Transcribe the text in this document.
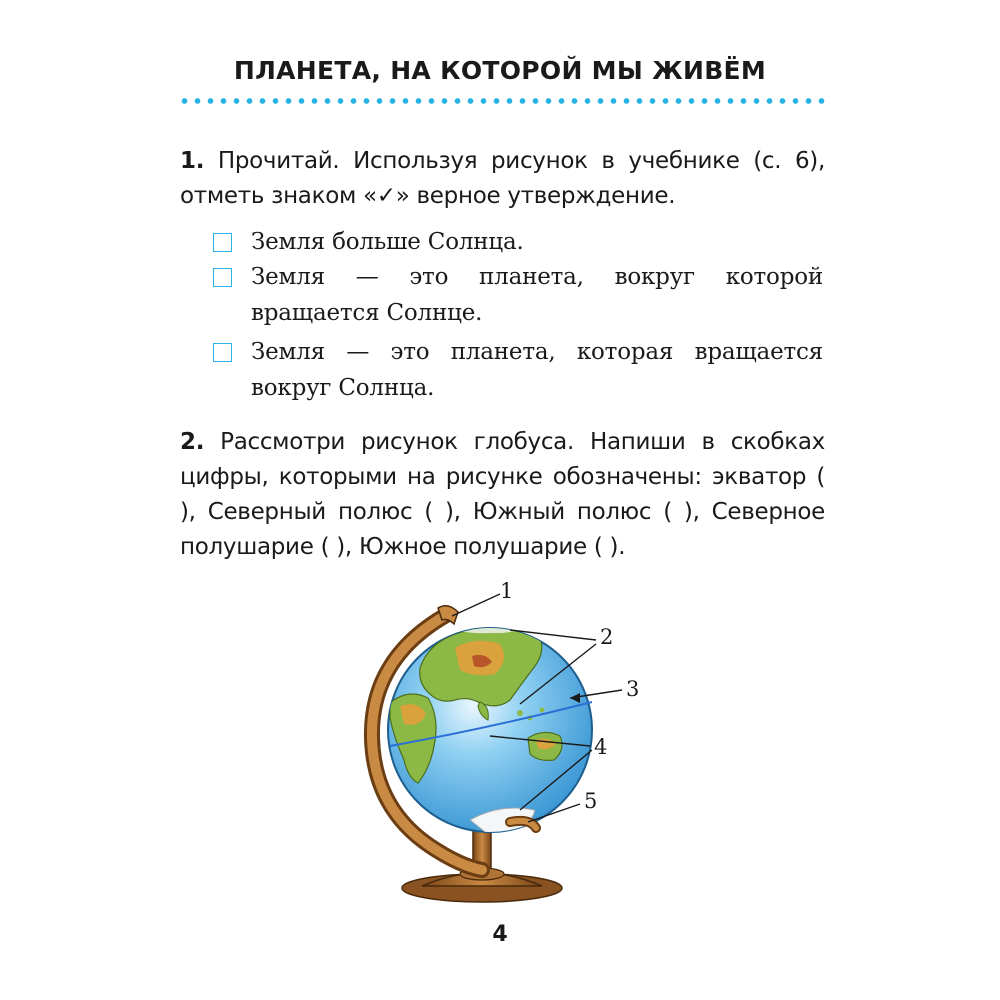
ПЛАНЕТА, НА КОТОРОЙ МЫ ЖИВЁМ
1. Прочитай. Используя рисунок в учебнике (с. 6), отметь знаком «✓» верное утверждение.
Земля больше Солнца.
Земля — это планета, вокруг которой вращается Солнце.
Земля — это планета, которая вращается вокруг Солнца.
2. Рассмотри рисунок глобуса. Напиши в скобках цифры, которыми на рисунке обозначены: экватор ( ), Северный полюс ( ), Южный полюс ( ), Северное полушарие ( ), Южное полушарие ( ).
1
2
3
4
5
4
